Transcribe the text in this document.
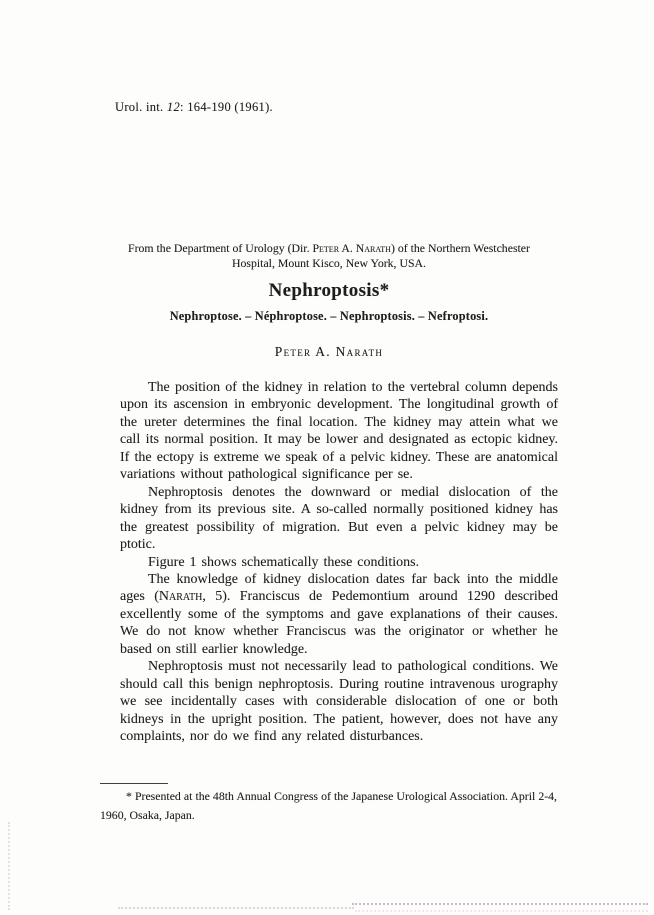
Urol. int. 12: 164-190 (1961).
From the Department of Urology (Dir. Peter A. Narath) of the Northern Westchester
Hospital, Mount Kisco, New York, USA.
Nephroptosis*
Nephroptose. – Néphroptose. – Nephroptosis. – Nefroptosi.
Peter A. Narath

The position of the kidney in relation to the vertebral column depends upon its ascension in embryonic development. The longitudinal growth of the ureter determines the final location. The kidney may attein what we call its normal position. It may be lower and designated as ectopic kidney. If the ectopy is extreme we speak of a pelvic kidney. These are anatomical variations without pathological significance per se.

Nephroptosis denotes the downward or medial dislocation of the kidney from its previous site. A so-called normally positioned kidney has the greatest possibility of migration. But even a pelvic kidney may be ptotic.

Figure 1 shows schematically these conditions.

The knowledge of kidney dislocation dates far back into the middle ages (Narath, 5). Franciscus de Pedemontium around 1290 described excellently some of the symptoms and gave explanations of their causes. We do not know whether Franciscus was the originator or whether he based on still earlier knowledge.

Nephroptosis must not necessarily lead to pathological conditions. We should call this benign nephroptosis. During routine intravenous urography we see incidentally cases with considerable dislocation of one or both kidneys in the upright position. The patient, however, does not have any complaints, nor do we find any related disturbances.

* Presented at the 48th Annual Congress of the Japanese Urological Association. April 2-4, 1960, Osaka, Japan.
